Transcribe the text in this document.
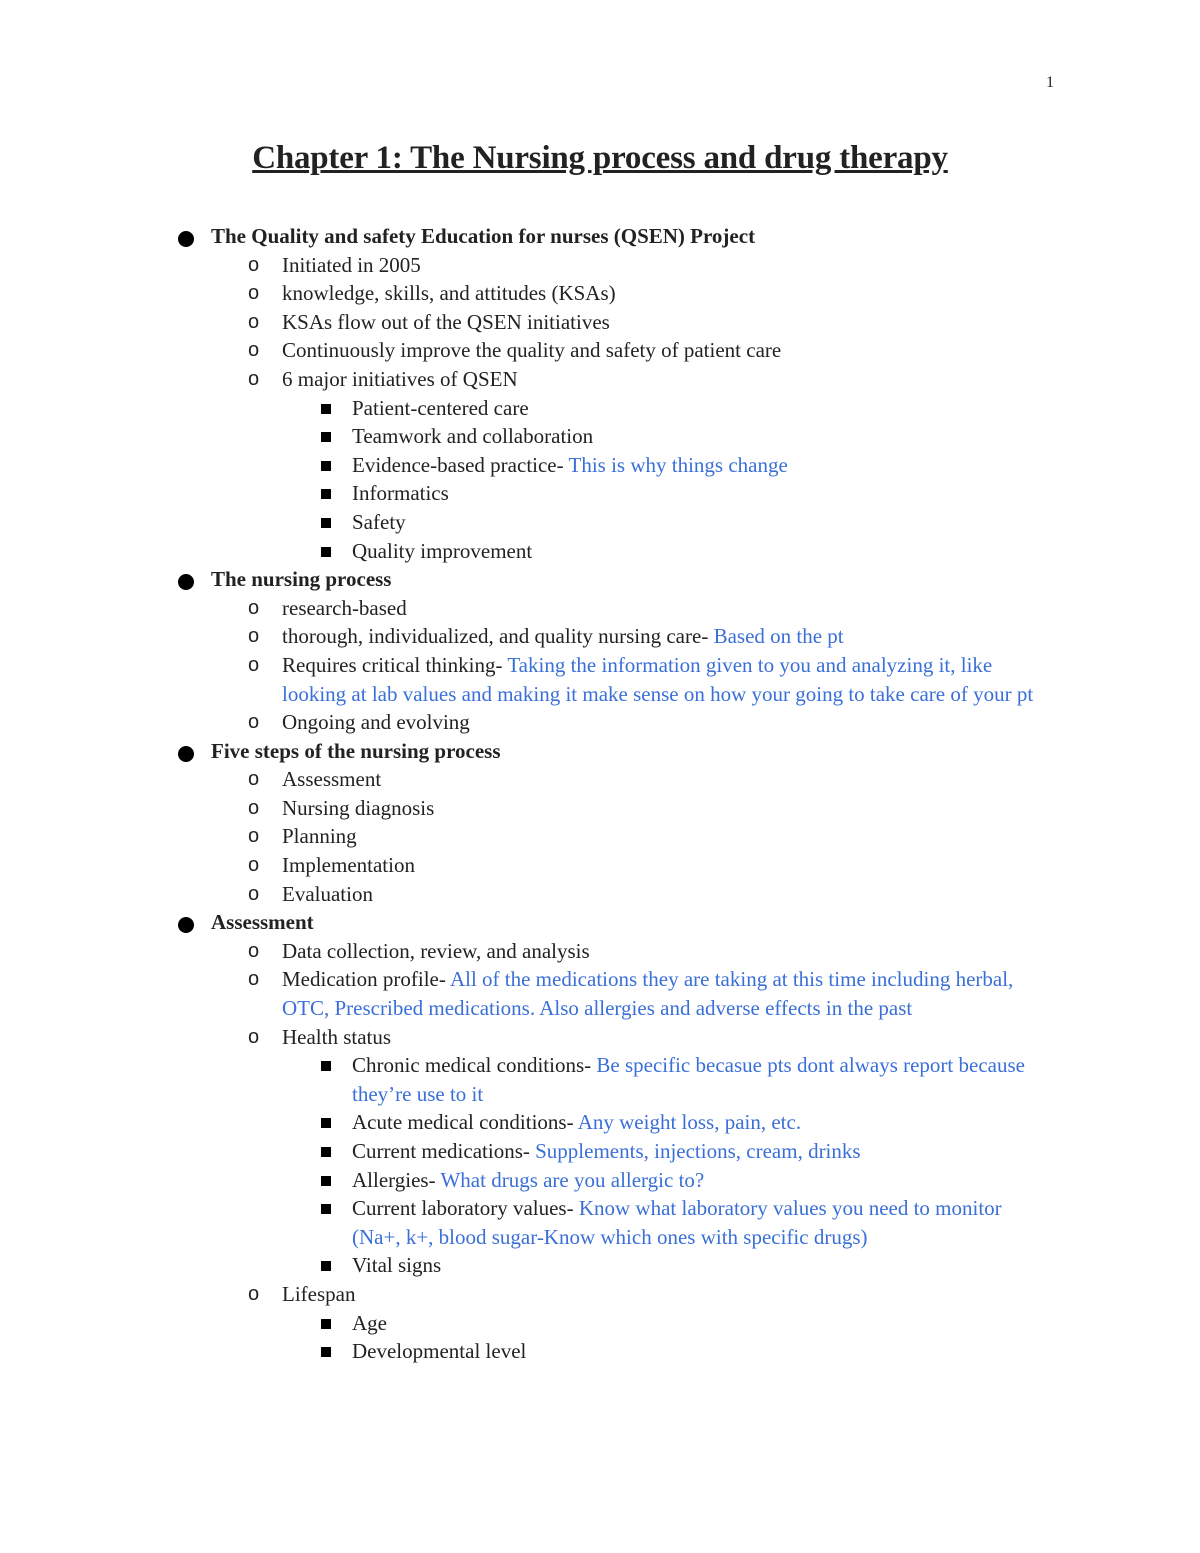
1
Chapter 1: The Nursing process and drug therapy
The Quality and safety Education for nurses (QSEN) Project
o Initiated in 2005
o knowledge, skills, and attitudes (KSAs)
o KSAs flow out of the QSEN initiatives
o Continuously improve the quality and safety of patient care
o 6 major initiatives of QSEN
Patient-centered care
Teamwork and collaboration
Evidence-based practice- This is why things change
Informatics
Safety
Quality improvement
The nursing process
o research-based
o thorough, individualized, and quality nursing care- Based on the pt
o Requires critical thinking- Taking the information given to you and analyzing it, like looking at lab values and making it make sense on how your going to take care of your pt
o Ongoing and evolving
Five steps of the nursing process
o Assessment
o Nursing diagnosis
o Planning
o Implementation
o Evaluation
Assessment
o Data collection, review, and analysis
o Medication profile- All of the medications they are taking at this time including herbal, OTC, Prescribed medications. Also allergies and adverse effects in the past
o Health status
Chronic medical conditions- Be specific becasue pts dont always report because they’re use to it
Acute medical conditions- Any weight loss, pain, etc.
Current medications- Supplements, injections, cream, drinks
Allergies- What drugs are you allergic to?
Current laboratory values- Know what laboratory values you need to monitor (Na+, k+, blood sugar-Know which ones with specific drugs)
Vital signs
o Lifespan
Age
Developmental level
